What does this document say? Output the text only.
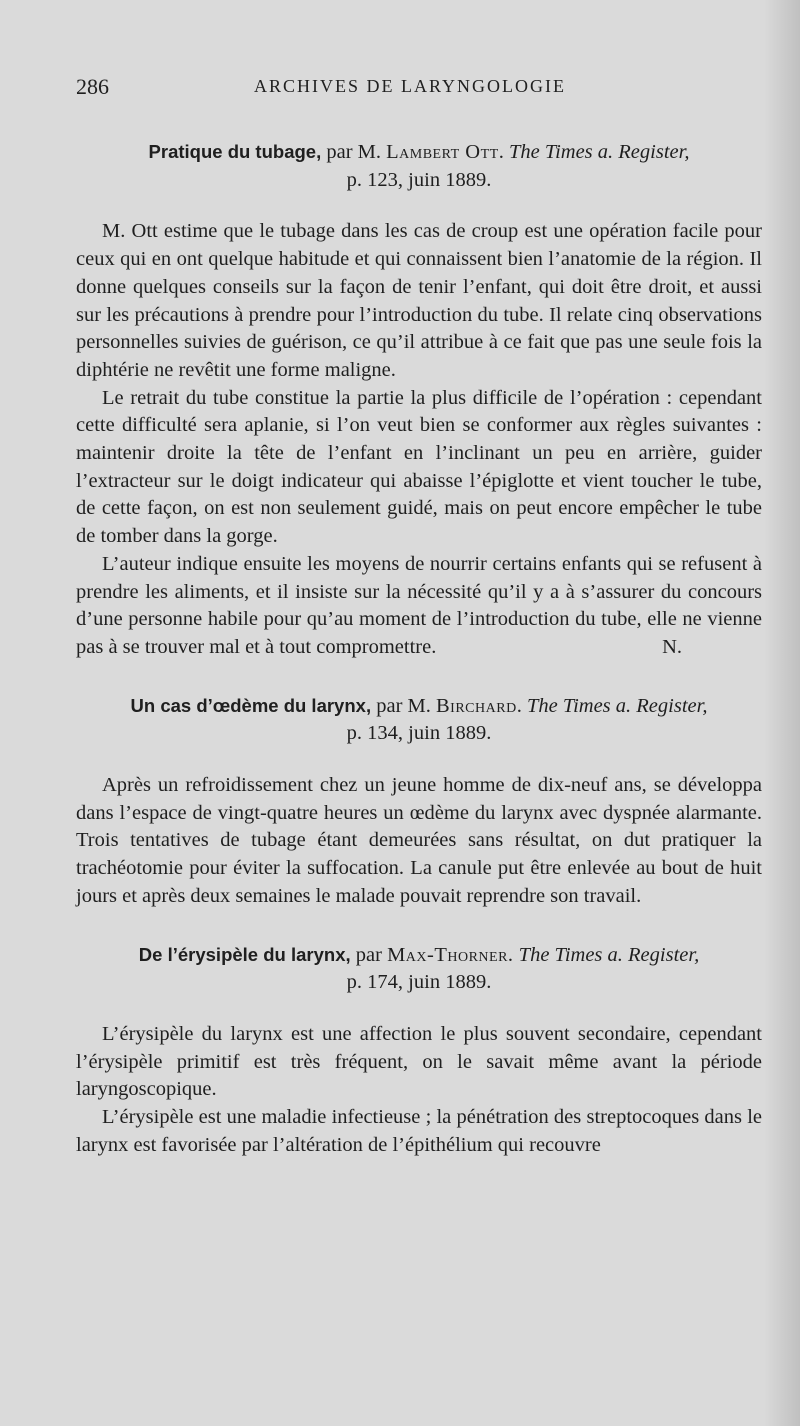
286	ARCHIVES DE LARYNGOLOGIE
Pratique du tubage, par M. Lambert Ott. The Times a. Register,
p. 123, juin 1889.

M. Ott estime que le tubage dans les cas de croup est une opération facile pour ceux qui en ont quelque habitude et qui connaissent bien l’anatomie de la région. Il donne quelques conseils sur la façon de tenir l’enfant, qui doit être droit, et aussi sur les précautions à prendre pour l’introduction du tube. Il relate cinq observations personnelles suivies de guérison, ce qu’il attribue à ce fait que pas une seule fois la diphtérie ne revêtit une forme maligne.

Le retrait du tube constitue la partie la plus difficile de l’opération : cependant cette difficulté sera aplanie, si l’on veut bien se conformer aux règles suivantes : maintenir droite la tête de l’enfant en l’inclinant un peu en arrière, guider l’extracteur sur le doigt indicateur qui abaisse l’épiglotte et vient toucher le tube, de cette façon, on est non seulement guidé, mais on peut encore empêcher le tube de tomber dans la gorge.

L’auteur indique ensuite les moyens de nourrir certains enfants qui se refusent à prendre les aliments, et il insiste sur la nécessité qu’il y a à s’assurer du concours d’une personne habile pour qu’au moment de l’introduction du tube, elle ne vienne pas à se trouver mal et à tout compromettre.	N.
Un cas d’œdème du larynx, par M. Birchard. The Times a. Register,
p. 134, juin 1889.

Après un refroidissement chez un jeune homme de dix-neuf ans, se développa dans l’espace de vingt-quatre heures un œdème du larynx avec dyspnée alarmante. Trois tentatives de tubage étant demeurées sans résultat, on dut pratiquer la trachéotomie pour éviter la suffocation. La canule put être enlevée au bout de huit jours et après deux semaines le malade pouvait reprendre son travail.

De l’érysipèle du larynx, par Max-Thorner. The Times a. Register,
p. 174, juin 1889.

L’érysipèle du larynx est une affection le plus souvent secondaire, cependant l’érysipèle primitif est très fréquent, on le savait même avant la période laryngoscopique.

L’érysipèle est une maladie infectieuse ; la pénétration des streptocoques dans le larynx est favorisée par l’altération de l’épithélium qui recouvre
